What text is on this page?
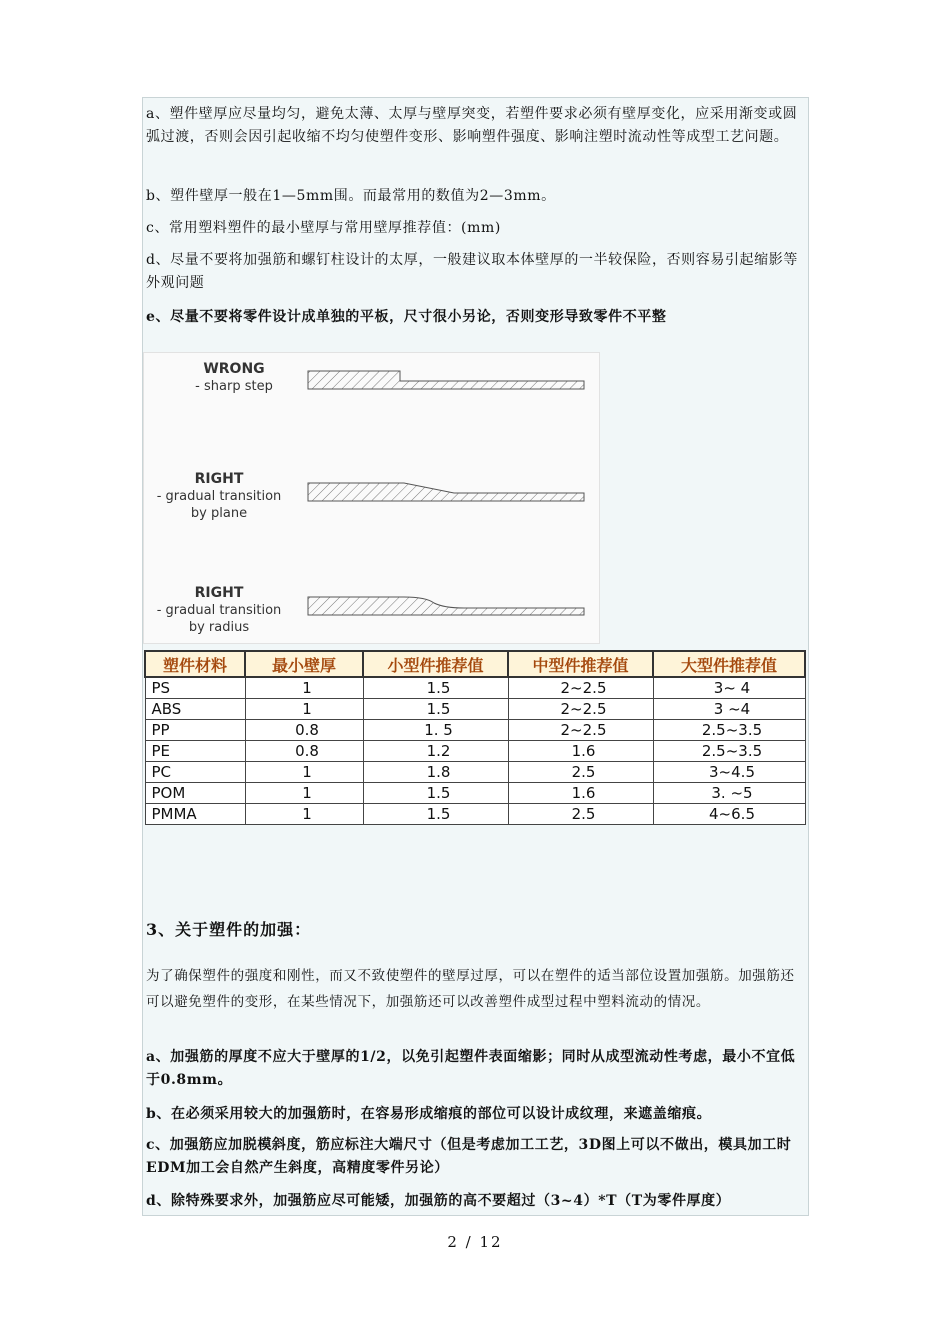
a、塑件壁厚应尽量均匀，避免太薄、太厚与壁厚突变，若塑件要求必须有壁厚变化，应采用渐变或圆弧过渡，否则会因引起收缩不均匀使塑件变形、影响塑件强度、影响注塑时流动性等成型工艺问题。

b、塑件壁厚一般在1—5mm围。而最常用的数值为2—3mm。

c、常用塑料塑件的最小壁厚与常用壁厚推荐值：(mm)

d、尽量不要将加强筋和螺钉柱设计的太厚，一般建议取本体壁厚的一半较保险，否则容易引起缩影等外观问题

e、尽量不要将零件设计成单独的平板，尺寸很小另论，否则变形导致零件不平整

WRONG
- sharp step
RIGHT
- gradual transition
by plane
RIGHT
- gradual transition
by radius
塑件材料	最小壁厚	小型件推荐值	中型件推荐值	大型件推荐值
PS	1	1.5	2~2.5	3~ 4
ABS	1	1.5	2~2.5	3 ~4
PP	0.8	1. 5	2~2.5	2.5~3.5
PE	0.8	1.2	1.6	2.5~3.5
PC	1	1.8	2.5	3~4.5
POM	1	1.5	1.6	3. ~5
PMMA	1	1.5	2.5	4~6.5
3、关于塑件的加强：

为了确保塑件的强度和刚性，而又不致使塑件的壁厚过厚，可以在塑件的适当部位设置加强筋。加强筋还可以避免塑件的变形，在某些情况下，加强筋还可以改善塑件成型过程中塑料流动的情况。

a、加强筋的厚度不应大于壁厚的1/2，以免引起塑件表面缩影；同时从成型流动性考虑，最小不宜低于0.8mm。

b、在必须采用较大的加强筋时，在容易形成缩痕的部位可以设计成纹理，来遮盖缩痕。

c、加强筋应加脱模斜度，筋应标注大端尺寸（但是考虑加工工艺，3D图上可以不做出，模具加工时EDM加工会自然产生斜度，高精度零件另论）

d、除特殊要求外，加强筋应尽可能矮，加强筋的高不要超过（3~4）*T（T为零件厚度）

2 / 12
